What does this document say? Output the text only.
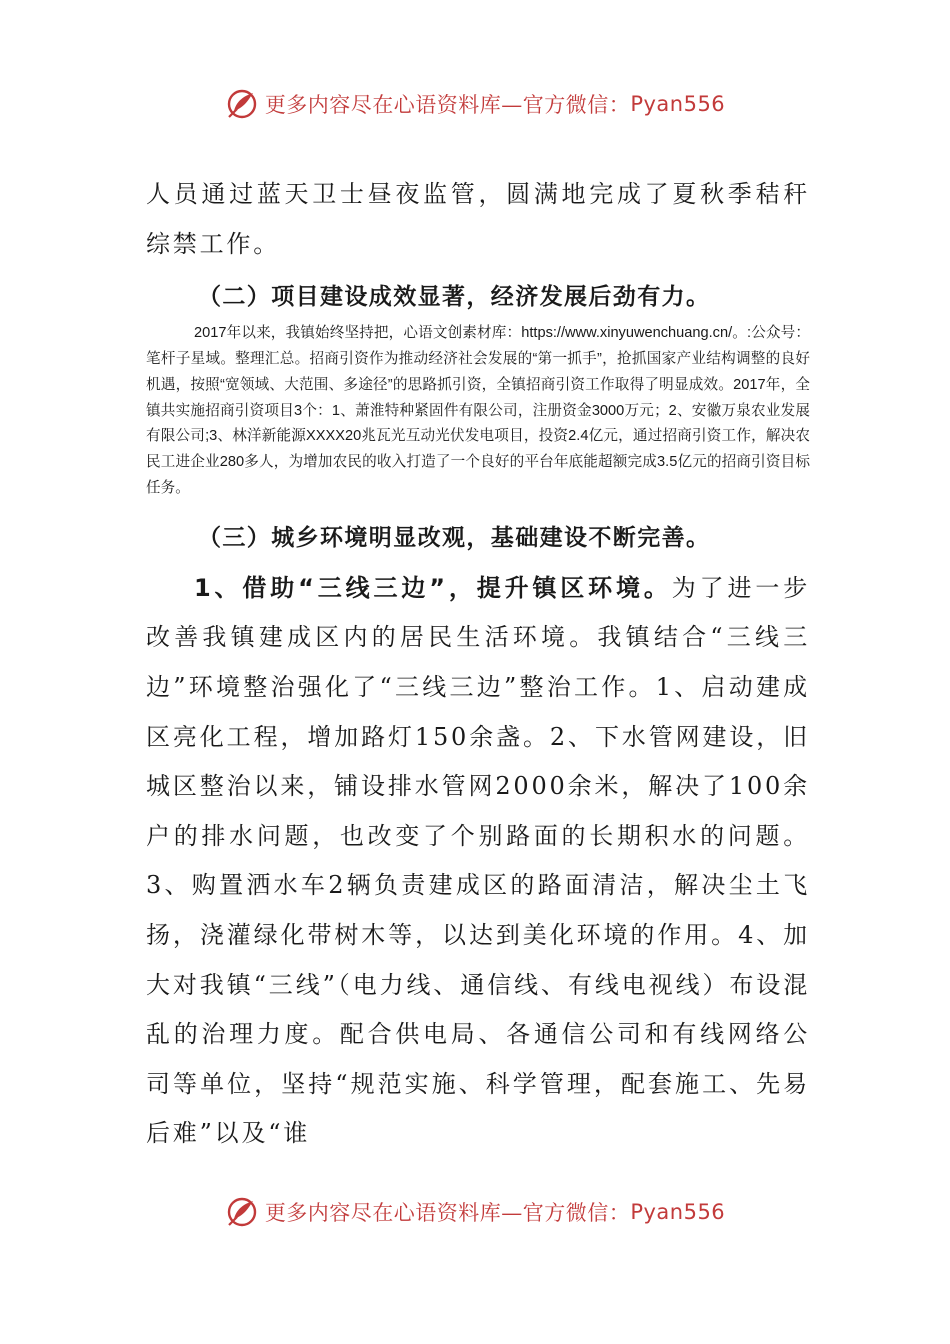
更多内容尽在心语资料库—官方微信： Pyan556

人员通过蓝天卫士昼夜监管，圆满地完成了夏秋季秸秆综禁工作。

（二）项目建设成效显著，经济发展后劲有力。

2017年以来，我镇始终坚持把，心语文创素材库：https://www.xinyuwenchuang.cn/。:公众号：笔杆子星域。整理汇总。招商引资作为推动经济社会发展的“第一抓手”，抢抓国家产业结构调整的良好机遇，按照“宽领域、大范围、多途径”的思路抓引资，全镇招商引资工作取得了明显成效。2017年，全镇共实施招商引资项目3个：1、萧淮特种紧固件有限公司，注册资金3000万元；2、安徽万泉农业发展有限公司;3、林洋新能源XXXX20兆瓦光互动光伏发电项目，投资2.4亿元，通过招商引资工作，解决农民工进企业280多人，为增加农民的收入打造了一个良好的平台年底能超额完成3.5亿元的招商引资目标任务。

（三）城乡环境明显改观，基础建设不断完善。

1、借助“三线三边”，提升镇区环境。为了进一步改善我镇建成区内的居民生活环境。我镇结合“三线三边”环境整治强化了“三线三边”整治工作。1、启动建成区亮化工程，增加路灯150余盏。2、下水管网建设，旧城区整治以来，铺设排水管网2000余米，解决了100余户的排水问题，也改变了个别路面的长期积水的问题。3、购置洒水车2辆负责建成区的路面清洁，解决尘土飞扬，浇灌绿化带树木等，以达到美化环境的作用。4、加大对我镇“三线”（电力线、通信线、有线电视线）布设混乱的治理力度。配合供电局、各通信公司和有线网络公司等单位，坚持“规范实施、科学管理，配套施工、先易后难”以及“谁

更多内容尽在心语资料库—官方微信： Pyan556
